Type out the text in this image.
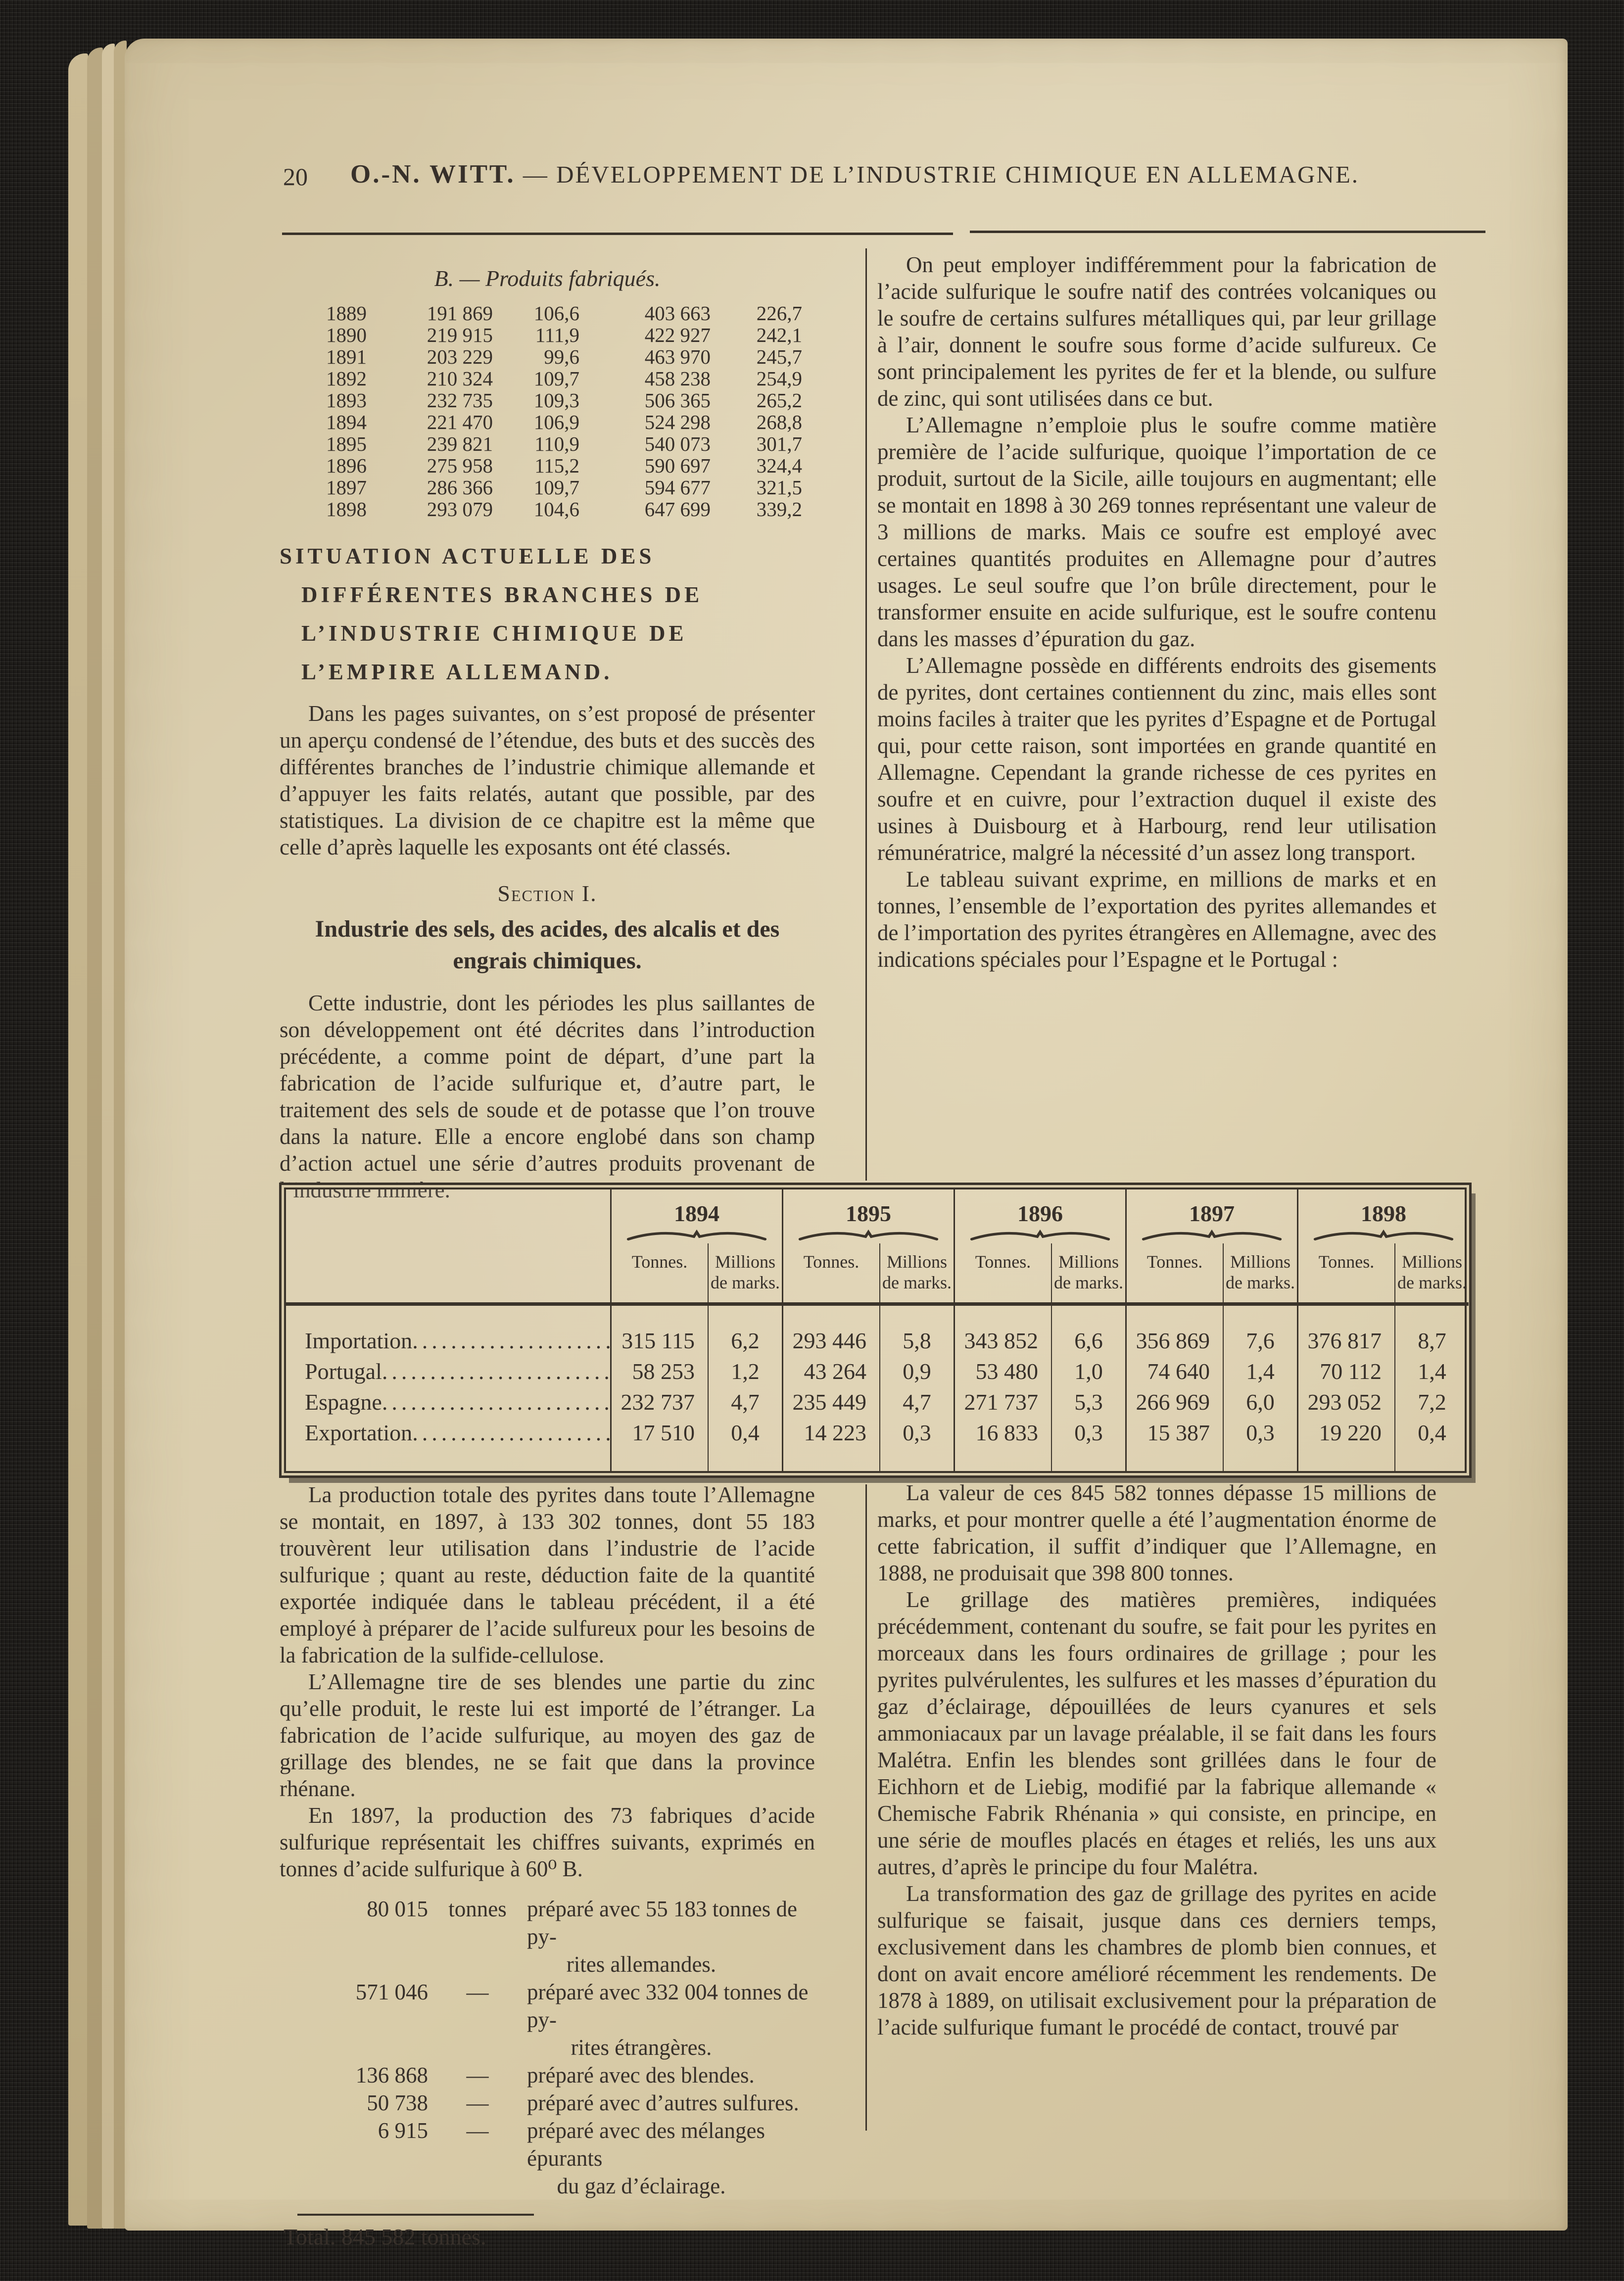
20	O.-N. WITT. — DÉVELOPPEMENT DE L’INDUSTRIE CHIMIQUE EN ALLEMAGNE.
B. — Produits fabriqués.
1889	191 869	106,6	403 663	226,7
1890	219 915	111,9	422 927	242,1
1891	203 229	99,6	463 970	245,7
1892	210 324	109,7	458 238	254,9
1893	232 735	109,3	506 365	265,2
1894	221 470	106,9	524 298	268,8
1895	239 821	110,9	540 073	301,7
1896	275 958	115,2	590 697	324,4
1897	286 366	109,7	594 677	321,5
1898	293 079	104,6	647 699	339,2
SITUATION ACTUELLE DES DIFFÉRENTES BRANCHES DE L’INDUSTRIE CHIMIQUE DE L’EMPIRE ALLEMAND.

Dans les pages suivantes, on s’est proposé de présenter un aperçu condensé de l’étendue, des buts et des succès des différentes branches de l’industrie chimique allemande et d’appuyer les faits relatés, autant que possible, par des statistiques. La division de ce chapitre est la même que celle d’après laquelle les exposants ont été classés.

Section I.
Industrie des sels, des acides, des alcalis et des engrais chimiques.

Cette industrie, dont les périodes les plus saillantes de son développement ont été décrites dans l’introduction précédente, a comme point de départ, d’une part la fabrication de l’acide sulfurique et, d’autre part, le traitement des sels de soude et de potasse que l’on trouve dans la nature. Elle a encore englobé dans son champ d’action actuel une série d’autres produits provenant de l’industrie minière.

On peut employer indifféremment pour la fabrication de l’acide sulfurique le soufre natif des contrées volcaniques ou le soufre de certains sulfures métalliques qui, par leur grillage à l’air, donnent le soufre sous forme d’acide sulfureux. Ce sont principalement les pyrites de fer et la blende, ou sulfure de zinc, qui sont utilisées dans ce but.

L’Allemagne n’emploie plus le soufre comme matière première de l’acide sulfurique, quoique l’importation de ce produit, surtout de la Sicile, aille toujours en augmentant; elle se montait en 1898 à 30 269 tonnes représentant une valeur de 3 millions de marks. Mais ce soufre est employé avec certaines quantités produites en Allemagne pour d’autres usages. Le seul soufre que l’on brûle directement, pour le transformer ensuite en acide sulfurique, est le soufre contenu dans les masses d’épuration du gaz.

L’Allemagne possède en différents endroits des gisements de pyrites, dont certaines contiennent du zinc, mais elles sont moins faciles à traiter que les pyrites d’Espagne et de Portugal qui, pour cette raison, sont importées en grande quantité en Allemagne. Cependant la grande richesse de ces pyrites en soufre et en cuivre, pour l’extraction duquel il existe des usines à Duisbourg et à Harbourg, rend leur utilisation rémunératrice, malgré la nécessité d’un assez long transport.

Le tableau suivant exprime, en millions de marks et en tonnes, l’ensemble de l’exportation des pyrites allemandes et de l’importation des pyrites étrangères en Allemagne, avec des indications spéciales pour l’Espagne et le Portugal :

1894	1895	1896	1897	1898
Tonnes.	Millions de marks.
Tonnes.	Millions de marks.
Tonnes.	Millions de marks.
Tonnes.	Millions de marks.
Tonnes.	Millions de marks.
Importation .....	315 115	6,2	293 446	5,8	343 852	6,6	356 869	7,6	376 817	8,7
Portugal .....	58 253	1,2	43 264	0,9	53 480	1,0	74 640	1,4	70 112	1,4
Espagne .....	232 737	4,7	235 449	4,7	271 737	5,3	266 969	6,0	293 052	7,2
Exportation .....	17 510	0,4	14 223	0,3	16 833	0,3	15 387	0,3	19 220	0,4

La production totale des pyrites dans toute l’Allemagne se montait, en 1897, à 133 302 tonnes, dont 55 183 trouvèrent leur utilisation dans l’industrie de l’acide sulfurique ; quant au reste, déduction faite de la quantité exportée indiquée dans le tableau précédent, il a été employé à préparer de l’acide sulfureux pour les besoins de la fabrication de la sulfide-cellulose.

L’Allemagne tire de ses blendes une partie du zinc qu’elle produit, le reste lui est importé de l’étranger. La fabrication de l’acide sulfurique, au moyen des gaz de grillage des blendes, ne se fait que dans la province rhénane.

En 1897, la production des 73 fabriques d’acide sulfurique représentait les chiffres suivants, exprimés en tonnes d’acide sulfurique à 60⁰ B.

80 015 tonnes préparé avec 55 183 tonnes de py-
rites allemandes.
571 046	—	préparé avec 332 004 tonnes de py-
rites étrangères.
136 868	—	préparé avec des blendes.
50 738	—	préparé avec d’autres sulfures.
6 915	—	préparé avec des mélanges épurants
du gaz d’éclairage.
Total. 845 582 tonnes.

La valeur de ces 845 582 tonnes dépasse 15 millions de marks, et pour montrer quelle a été l’augmentation énorme de cette fabrication, il suffit d’indiquer que l’Allemagne, en 1888, ne produisait que 398 800 tonnes.

Le grillage des matières premières, indiquées précédemment, contenant du soufre, se fait pour les pyrites en morceaux dans les fours ordinaires de grillage ; pour les pyrites pulvérulentes, les sulfures et les masses d’épuration du gaz d’éclairage, dépouillées de leurs cyanures et sels ammoniacaux par un lavage préalable, il se fait dans les fours Malétra. Enfin les blendes sont grillées dans le four de Eichhorn et de Liebig, modifié par la fabrique allemande « Chemische Fabrik Rhénania » qui consiste, en principe, en une série de moufles placés en étages et reliés, les uns aux autres, d’après le principe du four Malétra.

La transformation des gaz de grillage des pyrites en acide sulfurique se faisait, jusque dans ces derniers temps, exclusivement dans les chambres de plomb bien connues, et dont on avait encore amélioré récemment les rendements. De 1878 à 1889, on utilisait exclusivement pour la préparation de l’acide sulfurique fumant le procédé de contact, trouvé par
